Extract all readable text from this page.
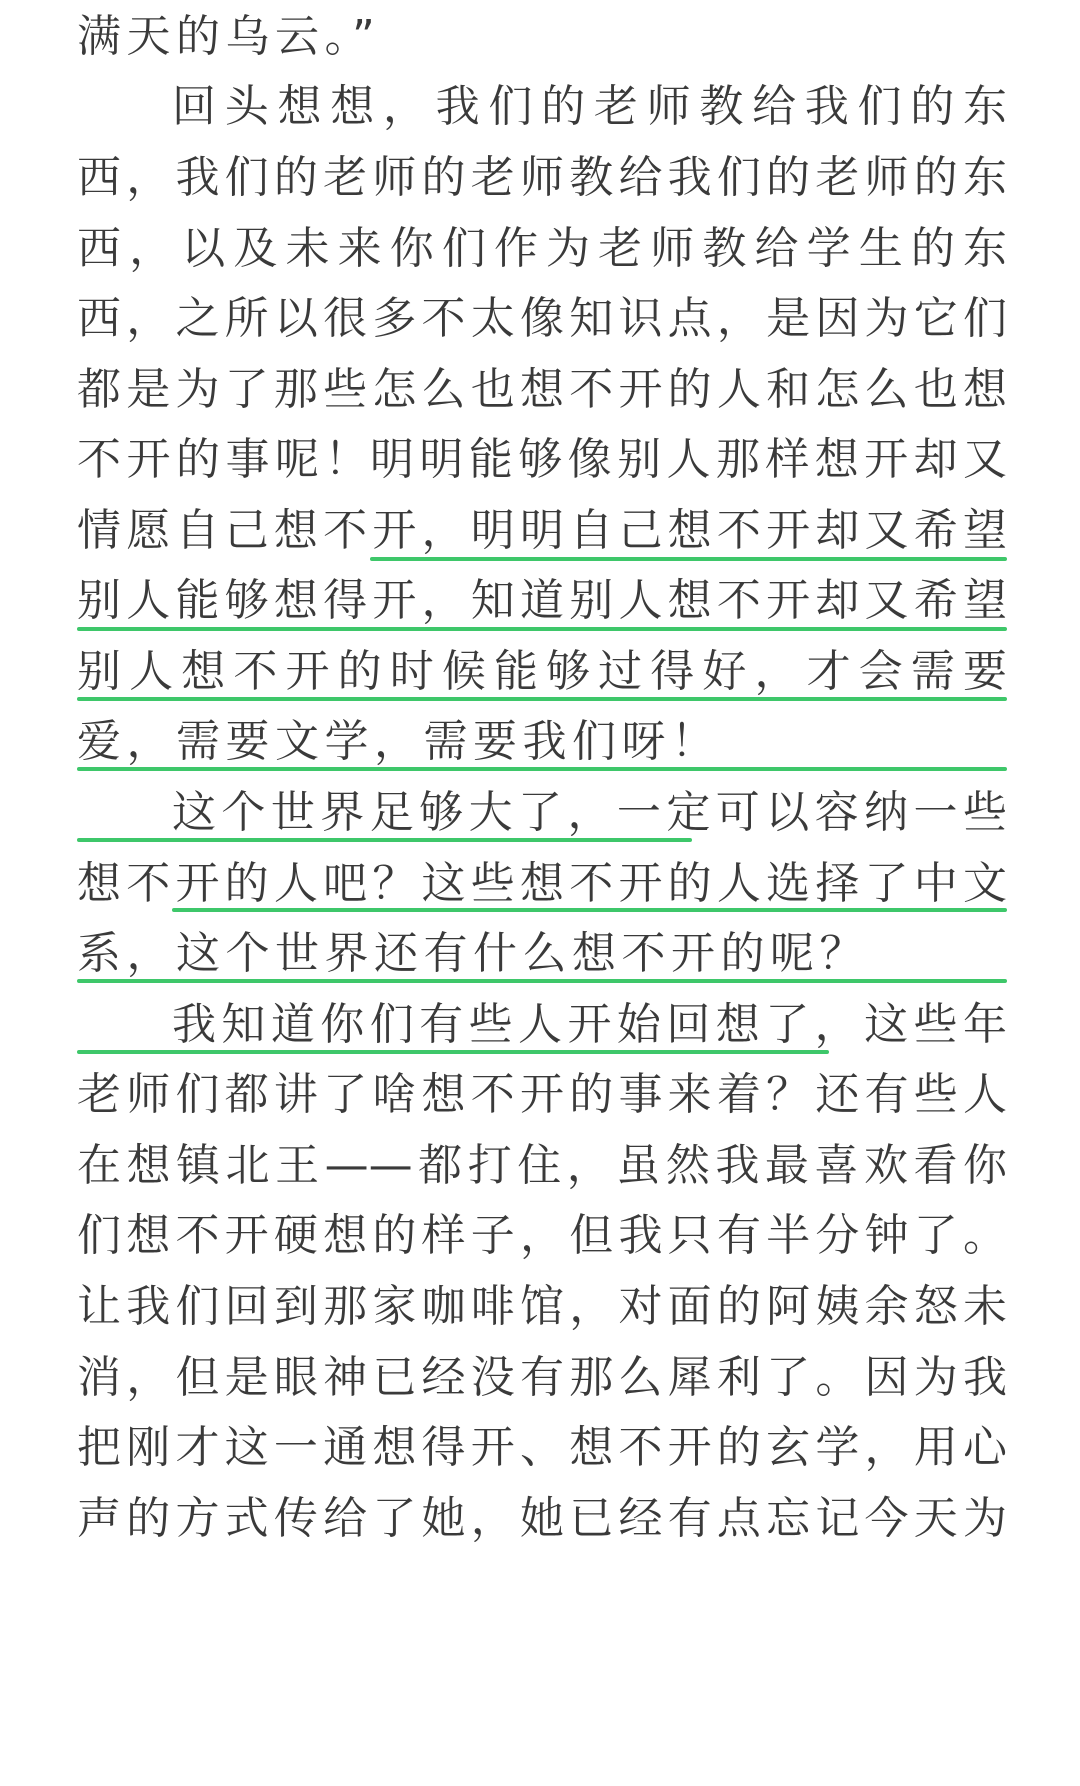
满天的乌云。”
回头想想，我们的老师教给我们的东
西，我们的老师的老师教给我们的老师的东
西，以及未来你们作为老师教给学生的东
西，之所以很多不太像知识点，是因为它们
都是为了那些怎么也想不开的人和怎么也想
不开的事呢！
明明能够像别人那样想开却又
情愿自己想不开，明明自己想不开却又希望
别人能够想得开，知道别人想不开却又希望
别人想不开的时候能够过得好，才会需要
爱，需要文学，需要我们呀！
这个世界足够大了，一定可以容纳一些
想不开的人吧？这些想不开的人选择了中文
系，这个世界还有什么想不开的呢？
我知道你们有些人开始回想了，这些年
老师们都讲了啥想不开的事来着？还有些人
在想镇北王——都打住，虽然我最喜欢看你
们想不开硬想的样子，但我只有半分钟了。
让我们回到那家咖啡馆，对面的阿姨余怒未
消，但是眼神已经没有那么犀利了。因为我
把刚才这一通想得开、想不开的玄学，用心
声的方式传给了她，她已经有点忘记今天为
